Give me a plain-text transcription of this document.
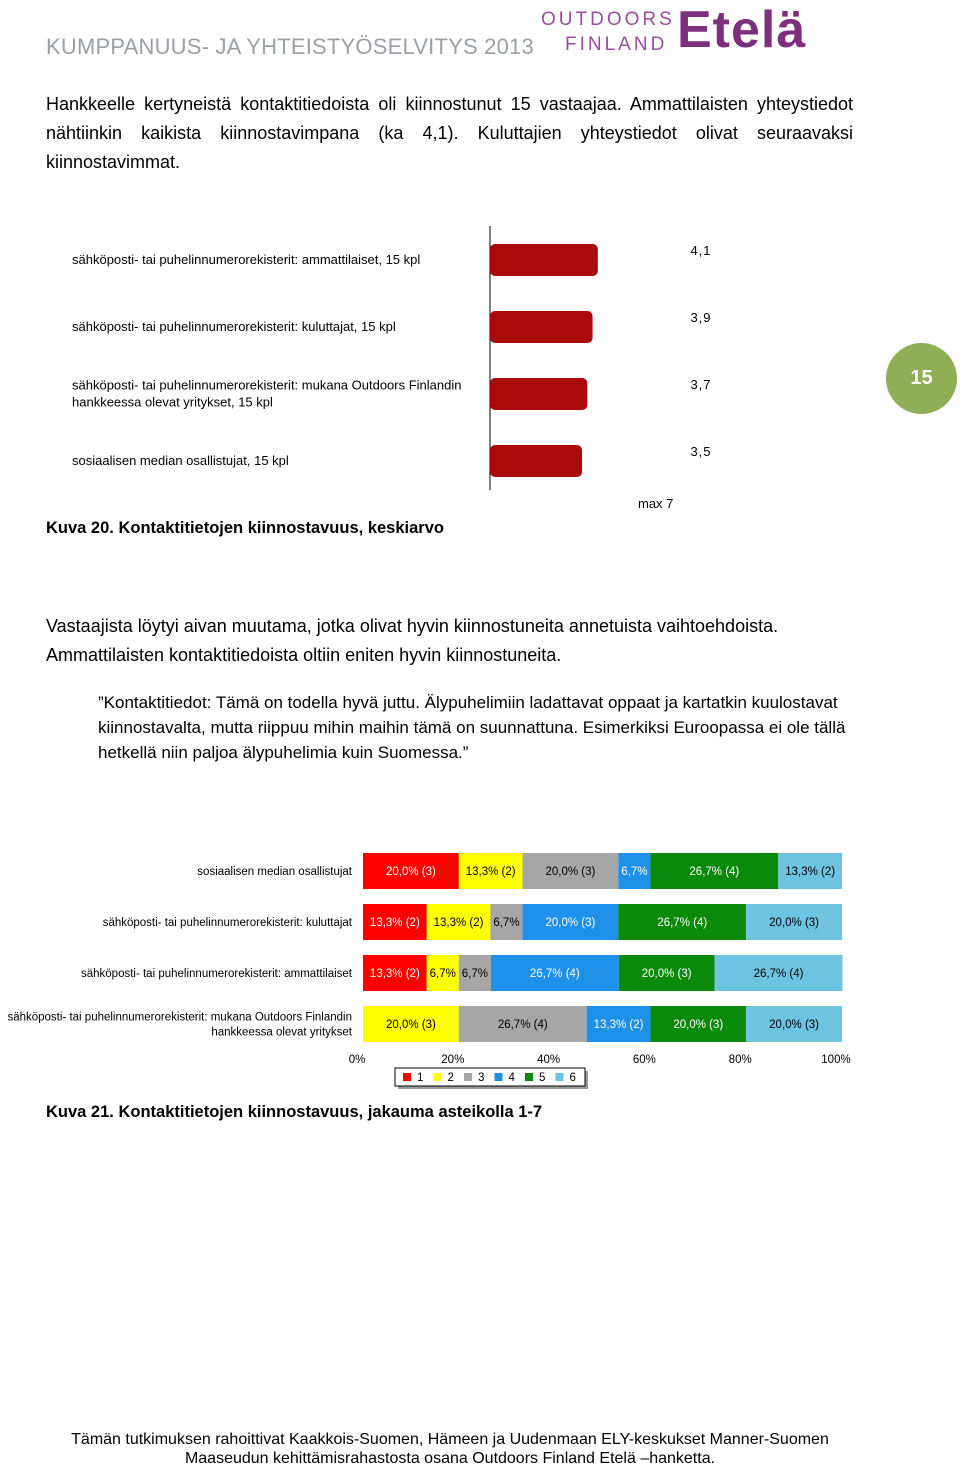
KUMPPANUUS- JA YHTEISTYÖSELVITYS 2013
OUTDOORS
FINLAND Etelä
Hankkeelle kertyneistä kontaktitiedoista oli kiinnostunut 15 vastaajaa. Ammattilaisten yhteystiedot nähtiinkin kaikista kiinnostavimpana (ka 4,1). Kuluttajien yhteystiedot olivat seuraavaksi kiinnostavimmat.
sähköposti- tai puhelinnumerorekisterit: ammattilaiset, 15 kpl
4,1
sähköposti- tai puhelinnumerorekisterit: kuluttajat, 15 kpl
3,9
sähköposti- tai puhelinnumerorekisterit: mukana Outdoors Finlandin
hankkeessa olevat yritykset, 15 kpl
3,7
sosiaalisen median osallistujat, 15 kpl
3,5
max 7
15
Kuva 20. Kontaktitietojen kiinnostavuus, keskiarvo
Vastaajista löytyi aivan muutama, jotka olivat hyvin kiinnostuneita annetuista vaihtoehdoista. Ammattilaisten kontaktitiedoista oltiin eniten hyvin kiinnostuneita.
”Kontaktitiedot: Tämä on todella hyvä juttu. Älypuhelimiin ladattavat oppaat ja kartatkin kuulostavat kiinnostavalta, mutta riippuu mihin maihin tämä on suunnattuna. Esimerkiksi Euroopassa ei ole tällä hetkellä niin paljoa älypuhelimia kuin Suomessa.”
sosiaalisen median osallistujat	20,0% (3)	13,3% (2)	20,0% (3) 6,7%	26,7% (4)	13,3% (2)
sähköposti- tai puhelinnumerorekisterit: kuluttajat 13,3% (2) 13,3% (2) 6,7% 20,0% (3)	26,7% (4)	20,0% (3)
sähköposti- tai puhelinnumerorekisterit: ammattilaiset 13,3% (2) 6,7% 6,7%	26,7% (4)	20,0% (3)	26,7% (4)
sähköposti- tai puhelinnumerorekisterit: mukana Outdoors Finlandin
hankkeessa olevat yritykset
20,0% (3)	26,7% (4)	13,3% (2)	20,0% (3)	20,0% (3)
0%	20%	40%	60%	80%	100%
1 2 3 4 5 6
Kuva 21. Kontaktitietojen kiinnostavuus, jakauma asteikolla 1-7
Tämän tutkimuksen rahoittivat Kaakkois-Suomen, Hämeen ja Uudenmaan ELY-keskukset Manner-Suomen
Maaseudun kehittämisrahastosta osana Outdoors Finland Etelä –hanketta.
